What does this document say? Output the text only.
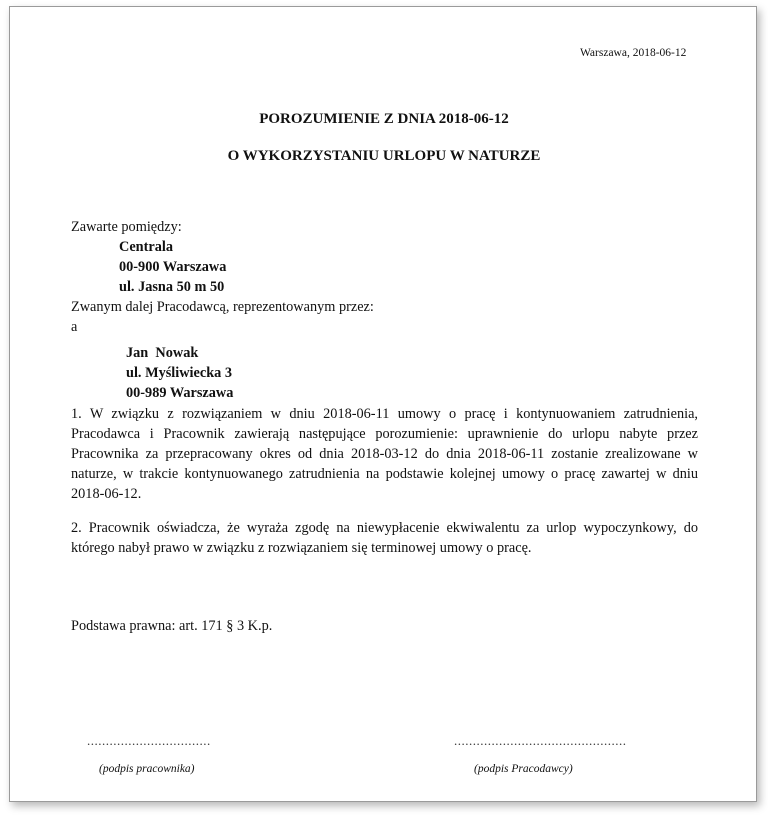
Warszawa, 2018-06-12
POROZUMIENIE Z DNIA 2018-06-12
O WYKORZYSTANIU URLOPU W NATURZE
Zawarte pomiędzy:
Centrala
00-900 Warszawa
ul. Jasna 50 m 50
Zwanym dalej Pracodawcą, reprezentowanym przez:
a
Jan  Nowak
ul. Myśliwiecka 3
00-989 Warszawa
1. W związku z rozwiązaniem w dniu 2018-06-11 umowy o pracę i kontynuowaniem zatrudnienia, Pracodawca i Pracownik zawierają następujące porozumienie: uprawnienie do urlopu nabyte przez Pracownika za przepracowany okres od dnia 2018-03-12 do dnia 2018-06-11 zostanie zrealizowane w naturze, w trakcie kontynuowanego zatrudnienia na podstawie kolejnej umowy o pracę zawartej w dniu 2018-06-12.
2. Pracownik oświadcza, że wyraża zgodę na niewypłacenie ekwiwalentu za urlop wypoczynkowy, do którego nabył prawo w związku z rozwiązaniem się terminowej umowy o pracę.
Podstawa prawna: art. 171 § 3 K.p.
.................................	..............................................
(podpis pracownika)	(podpis Pracodawcy)
